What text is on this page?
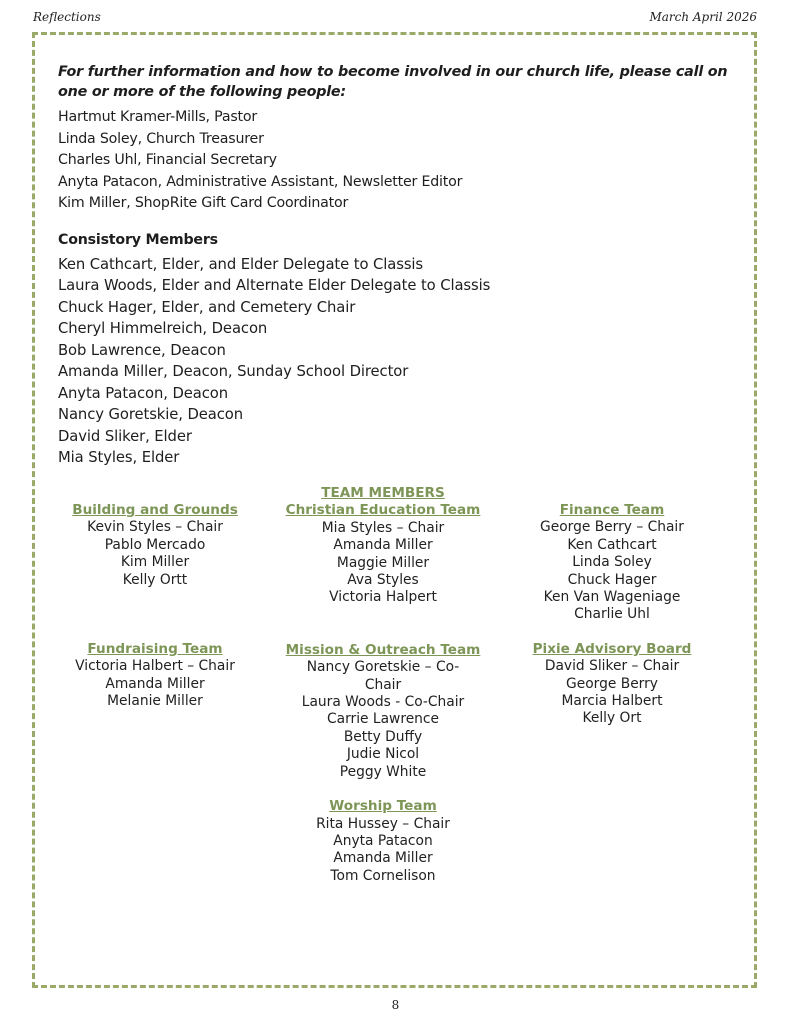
Reflections	March April 2026

For further information and how to become involved in our church life, please call on one or more of the following people:

Hartmut Kramer-Mills, Pastor
Linda Soley, Church Treasurer
Charles Uhl, Financial Secretary
Anyta Patacon, Administrative Assistant, Newsletter Editor
Kim Miller, ShopRite Gift Card Coordinator
Consistory Members
Ken Cathcart, Elder, and Elder Delegate to Classis
Laura Woods, Elder and Alternate Elder Delegate to Classis
Chuck Hager, Elder, and Cemetery Chair
Cheryl Himmelreich, Deacon
Bob Lawrence, Deacon
Amanda Miller, Deacon, Sunday School Director
Anyta Patacon, Deacon
Nancy Goretskie, Deacon
David Sliker, Elder
Mia Styles, Elder
Building and Grounds
Kevin Styles – Chair
Pablo Mercado
Kim Miller
Kelly Ortt
Fundraising Team
Victoria Halbert – Chair
Amanda Miller
Melanie Miller
TEAM MEMBERS
Christian Education Team
Mia Styles – Chair
Amanda Miller
Maggie Miller
Ava Styles
Victoria Halpert
Mission & Outreach Team
Nancy Goretskie – Co-
Chair
Laura Woods - Co-Chair
Carrie Lawrence
Betty Duffy
Judie Nicol
Peggy White
Worship Team
Rita Hussey – Chair
Anyta Patacon
Amanda Miller
Tom Cornelison
Finance Team
George Berry – Chair
Ken Cathcart
Linda Soley
Chuck Hager
Ken Van Wageniage
Charlie Uhl
Pixie Advisory Board
David Sliker – Chair
George Berry
Marcia Halbert
Kelly Ort
8
